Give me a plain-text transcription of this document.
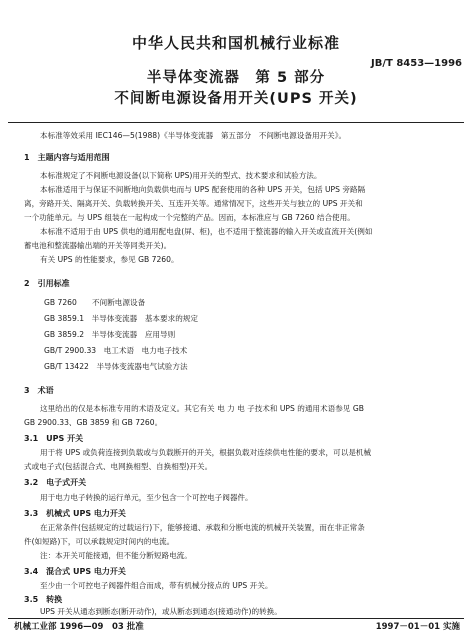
中华人民共和国机械行业标准
JB/T 8453—1996
半导体变流器　第 5 部分
不间断电源设备用开关(UPS 开关)
本标准等效采用 IEC146—5(1988)《半导体变流器　第五部分　不间断电源设备用开关》。
1　主题内容与适用范围
本标准规定了不间断电源设备(以下简称 UPS)用开关的型式、技术要求和试验方法。
本标准适用于与保证不间断地向负载供电而与 UPS 配套使用的各种 UPS 开关，包括 UPS 旁路隔
离，旁路开关、隔离开关、负载转换开关、互连开关等。通常情况下，这些开关与独立的 UPS 开关和
一个功能单元。与 UPS 组装在一起构成一个完整的产品。因而，本标准应与 GB 7260 结合使用。
本标准不适用于由 UPS 供电的通用配电盘(屏、柜)，也不适用于整流器的输入开关或直流开关(例如
蓄电池和整流器输出端的开关等同类开关)。
有关 UPS 的性能要求，参见 GB 7260。
2　引用标准
GB 7260　　不间断电源设备
GB 3859.1　半导体变流器　基本要求的规定
GB 3859.2　半导体变流器　应用导则
GB/T 2900.33　电工术语　电力电子技术
GB/T 13422　半导体变流器电气试验方法
3　术语
这里给出的仅是本标准专用的术语及定义。其它有关 电 力 电 子技术和 UPS 的通用术语参见 GB
GB 2900.33、GB 3859 和 GB 7260。
3.1　UPS 开关
用于将 UPS 或负荷连接到负载或与负载断开的开关，根据负载对连续供电性能的要求，可以是机械
式或电子式(包括混合式、电网换相型、自换相型)开关。
3.2　电子式开关
用于电力电子转换的运行单元，至少包含一个可控电子阀器件。
3.3　机械式 UPS 电力开关
在正常条件(包括规定的过载运行)下，能够接通、承载和分断电流的机械开关装置，而在非正常条
件(如短路)下，可以承载规定时间内的电流。
注：本开关可能接通，但不能分断短路电流。
3.4　混合式 UPS 电力开关
至少由一个可控电子阀器件组合而成，带有机械分接点的 UPS 开关。
3.5　转换
UPS 开关从通态到断态(断开动作)，或从断态到通态(接通动作)的转换。
机械工业部 1996—09　03 批准	1997－01－01 实施
